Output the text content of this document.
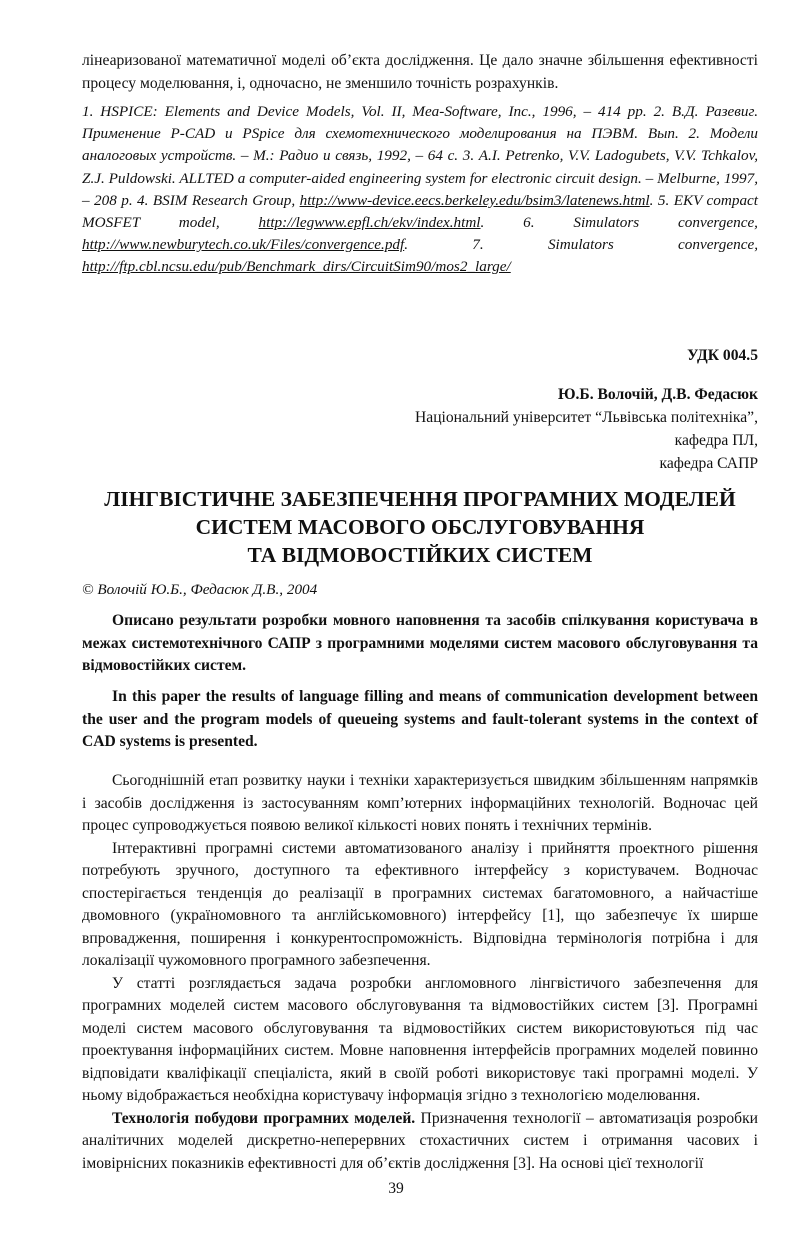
лінеаризованої математичної моделі об’єкта дослідження. Це дало значне збільшення ефективності процесу моделювання, і, одночасно, не зменшило точність розрахунків.
1. HSPICE: Elements and Device Models, Vol. II, Mea-Software, Inc., 1996, – 414 pp. 2. В.Д. Разевиг. Применение P-CAD и PSpice для схемотехнического моделирования на ПЭВМ. Вып. 2. Модели аналоговых устройств. – М.: Радио и связь, 1992, – 64 с. 3. A.I. Petrenko, V.V. Ladogubets, V.V. Tchkalov, Z.J. Puldowski. ALLTED a computer-aided engineering system for electronic circuit design. – Melburne, 1997, – 208 p. 4. BSIM Research Group, http://www-device.eecs.berkeley.edu/bsim3/latenews.html. 5. EKV compact MOSFET model, http://legwww.epfl.ch/ekv/index.html. 6. Simulators convergence, http://www.newburytech.co.uk/Files/convergence.pdf. 7. Simulators convergence, http://ftp.cbl.ncsu.edu/pub/Benchmark_dirs/CircuitSim90/mos2_large/
УДК 004.5
Ю.Б. Волочій, Д.В. Федасюк
Національний університет “Львівська політехніка”,
кафедра ПЛ,
кафедра САПР
ЛІНГВІСТИЧНЕ ЗАБЕЗПЕЧЕННЯ ПРОГРАМНИХ МОДЕЛЕЙ
СИСТЕМ МАСОВОГО ОБСЛУГОВУВАННЯ
ТА ВІДМОВОСТІЙКИХ СИСТЕМ
© Волочій Ю.Б., Федасюк Д.В., 2004
Описано результати розробки мовного наповнення та засобів спілкування користувача в межах системотехнічного САПР з програмними моделями систем масового обслуговування та відмовостійких систем.
In this paper the results of language filling and means of communication development between the user and the program models of queueing systems and fault-tolerant systems in the context of CAD systems is presented.

Сьогоднішній етап розвитку науки і техніки характеризується швидким збільшенням напрямків і засобів дослідження із застосуванням комп’ютерних інформаційних технологій. Водночас цей процес супроводжується появою великої кількості нових понять і технічних термінів.

Інтерактивні програмні системи автоматизованого аналізу і прийняття проектного рішення потребують зручного, доступного та ефективного інтерфейсу з користувачем. Водночас спостерігається тенденція до реалізації в програмних системах багатомовного, а найчастіше двомовного (україномовного та англійськомовного) інтерфейсу [1], що забезпечує їх ширше впровадження, поширення і конкурентоспроможність. Відповідна термінологія потрібна і для локалізації чужомовного програмного забезпечення.

У статті розглядається задача розробки англомовного лінгвістичого забезпечення для програмних моделей систем масового обслуговування та відмовостійких систем [3]. Програмні моделі систем масового обслуговування та відмовостійких систем використовуються під час проектування інформаційних систем. Мовне наповнення інтерфейсів програмних моделей повинно відповідати кваліфікації спеціаліста, який в своїй роботі використовує такі програмні моделі. У ньому відображається необхідна користувачу інформація згідно з технологією моделювання.

Технологія побудови програмних моделей. Призначення технології – автоматизація розробки аналітичних моделей дискретно-неперервних стохастичних систем і отримання часових і імовірнісних показників ефективності для об’єктів дослідження [3]. На основі цієї технології

39
